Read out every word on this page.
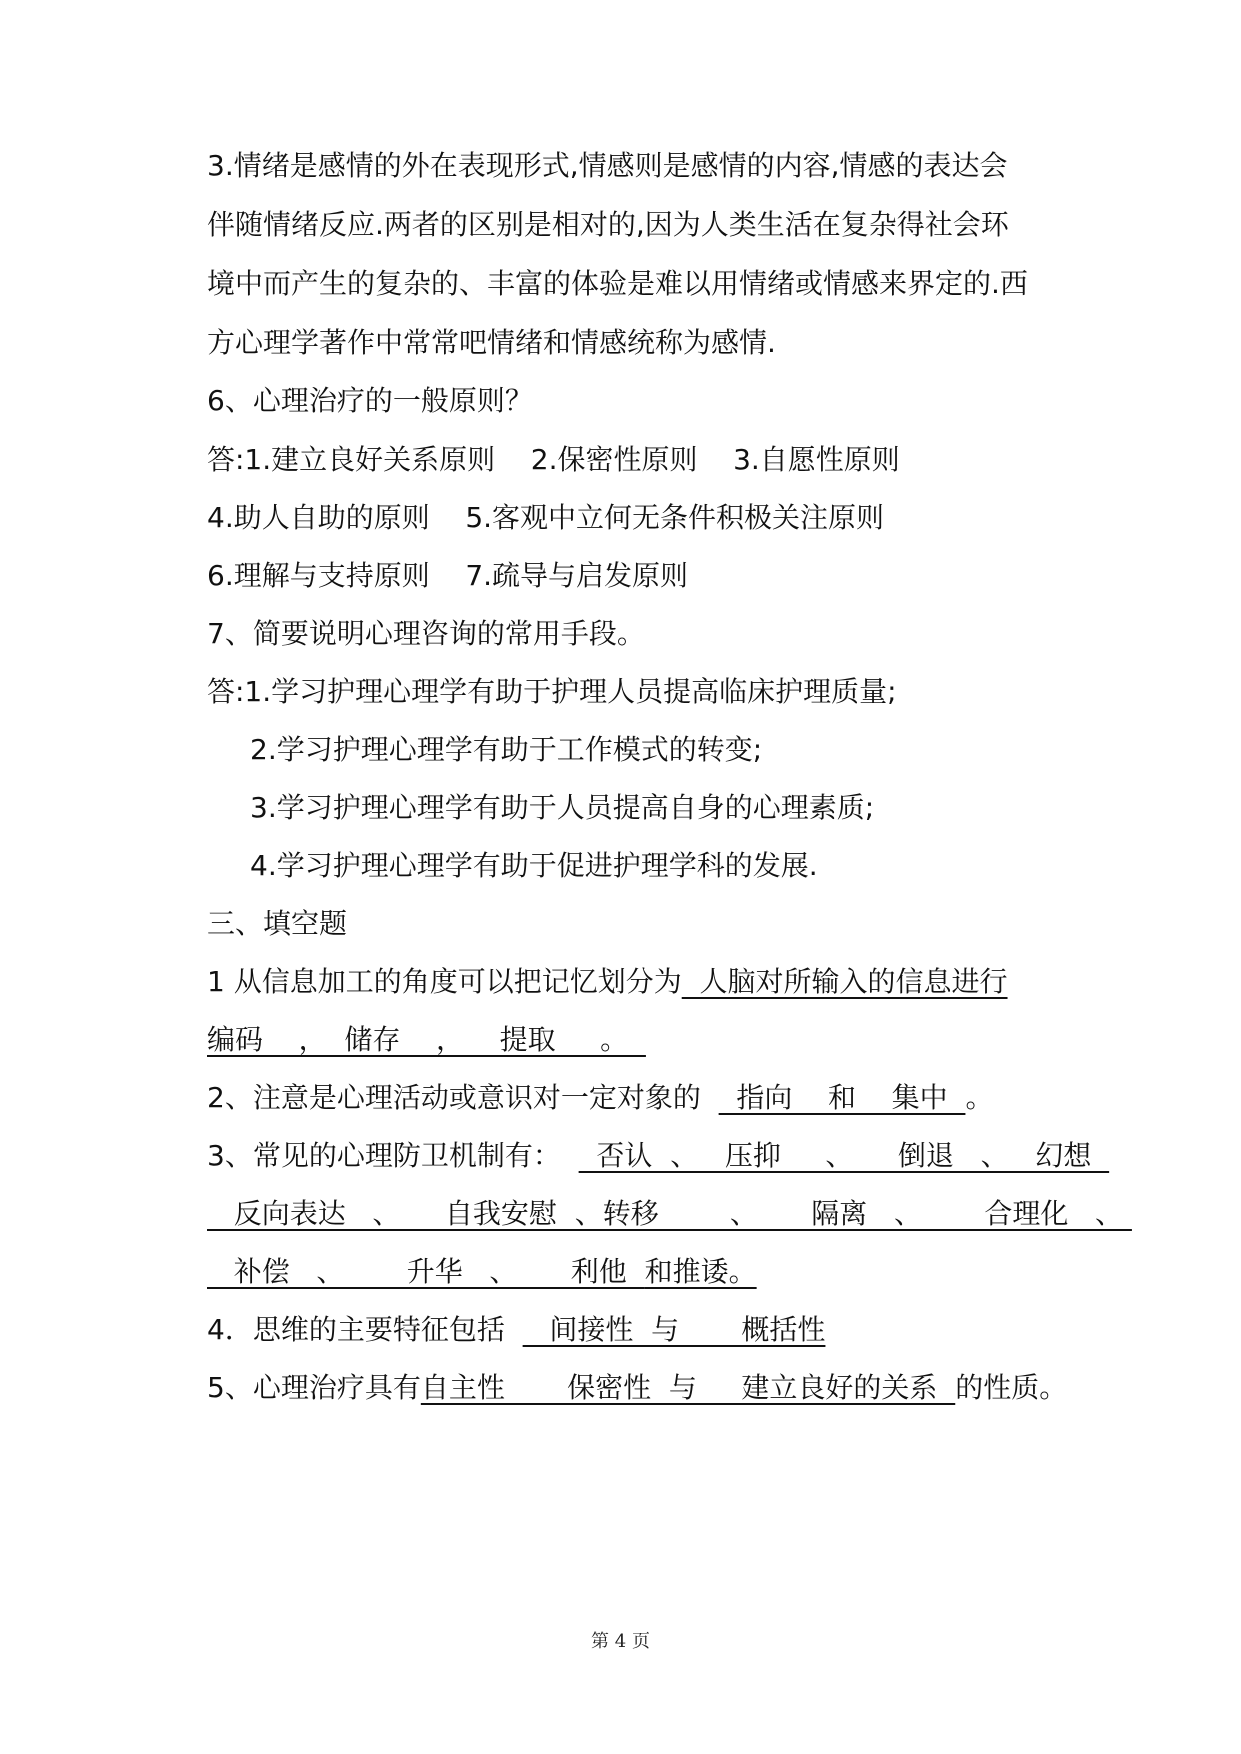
3.情绪是感情的外在表现形式,情感则是感情的内容,情感的表达会
伴随情绪反应.两者的区别是相对的,因为人类生活在复杂得社会环
境中而产生的复杂的、丰富的体验是难以用情绪或情感来界定的.西
方心理学著作中常常吧情绪和情感统称为感情.
6、心理治疗的一般原则？
答:1.建立良好关系原则    2.保密性原则    3.自愿性原则
4.助人自助的原则    5.客观中立何无条件积极关注原则
6.理解与支持原则    7.疏导与启发原则
7、简要说明心理咨询的常用手段。
答:1.学习护理心理学有助于护理人员提高临床护理质量;
2.学习护理心理学有助于工作模式的转变;
3.学习护理心理学有助于人员提高自身的心理素质;
4.学习护理心理学有助于促进护理学科的发展.
三、填空题
1 从信息加工的角度可以把记忆划分为  人脑对所输入的信息进行
编码    ，  储存    ，    提取     。
2、注意是心理活动或意识对一定对象的    指向    和    集中  。
3、常见的心理防卫机制有：    否认  、   压抑     、     倒退   、   幻想
反向表达   、     自我安慰  、转移        、      隔离   、       合理化   、
补偿   、       升华   、      利他  和推诿。
4．思维的主要特征包括     间接性  与       概括性
5、心理治疗具有自主性       保密性  与     建立良好的关系  的性质。
第 4 页
